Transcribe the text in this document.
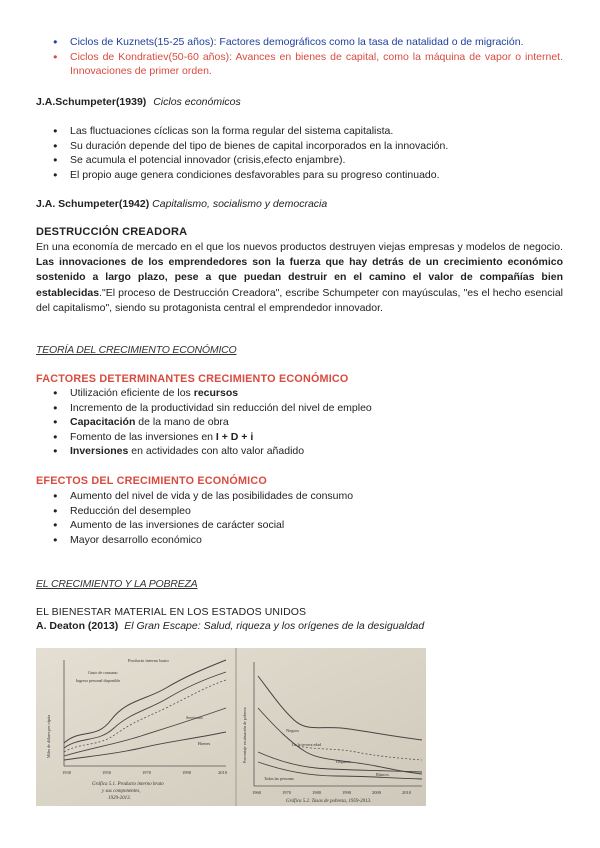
● Ciclos de Kuznets(15-25 años): Factores demográficos como la tasa de natalidad o de migración.
● Ciclos de Kondratiev(50-60 años): Avances en bienes de capital, como la máquina de vapor o internet. Innovaciones de primer orden.
J.A.Schumpeter(1939) Ciclos económicos
● Las fluctuaciones cíclicas son la forma regular del sistema capitalista.
● Su duración depende del tipo de bienes de capital incorporados en la innovación.
● Se acumula el potencial innovador (crisis,efecto enjambre).
● El propio auge genera condiciones desfavorables para su progreso continuado.
J.A. Schumpeter(1942) Capitalismo, socialismo y democracia
DESTRUCCIÓN CREADORA
En una economía de mercado en el que los nuevos productos destruyen viejas empresas y modelos de negocio. Las innovaciones de los emprendedores son la fuerza que hay detrás de un crecimiento económico sostenido a largo plazo, pese a que puedan destruir en el camino el valor de compañías bien establecidas."El proceso de Destrucción Creadora", escribe Schumpeter con mayúsculas, "es el hecho esencial del capitalismo", siendo su protagonista central el emprendedor innovador.
TEORÍA DEL CRECIMIENTO ECONÓMICO
FACTORES DETERMINANTES CRECIMIENTO ECONÓMICO
● Utilización eficiente de los recursos
● Incremento de la productividad sin reducción del nivel de empleo
● Capacitación de la mano de obra
● Fomento de las inversiones en I + D + i
● Inversiones en actividades con alto valor añadido
EFECTOS DEL CRECIMIENTO ECONÓMICO
● Aumento del nivel de vida y de las posibilidades de consumo
● Reducción del desempleo
● Aumento de las inversiones de carácter social
● Mayor desarrollo económico
EL CRECIMIENTO Y LA POBREZA
EL BIENESTAR MATERIAL EN LOS ESTADOS UNIDOS
A. Deaton (2013) El Gran Escape: Salud, riqueza y los orígenes de la desigualdad
Producto interno bruto
Gasto de consumo
Ingreso personal disponible
Servicios
Bienes
Miles de dólares per cápita
1930	1950	1970	1990	2010
Gráfica 5.1. Producto interno bruto
y sus componentes,
1929-2013.
Negros
De la tercera edad
Hispanos
Todas las personas
Blancos
Porcentaje en situación de pobreza
1960	1970	1980	1990	2000	2010
Gráfica 5.2. Tasas de pobreza, 1959-2013.
